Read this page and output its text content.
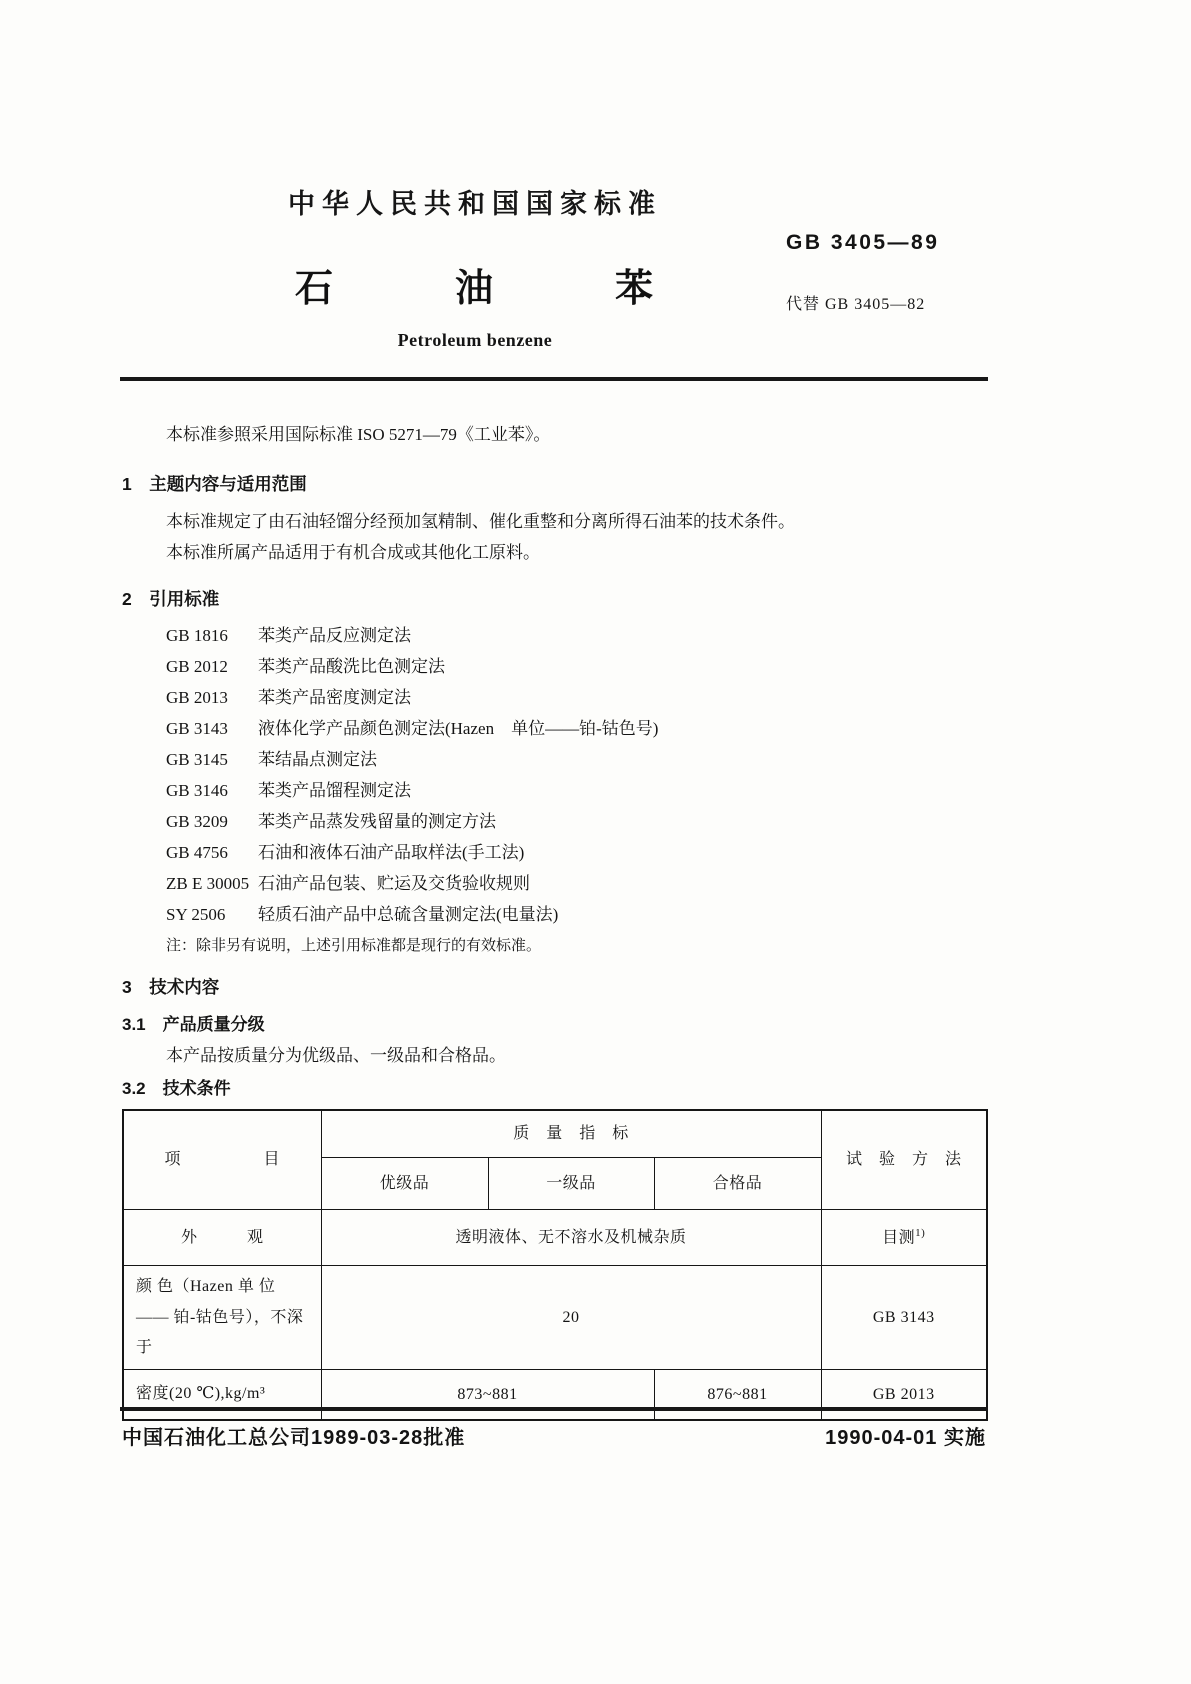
中华人民共和国国家标准
石　　　油　　　苯
Petroleum benzene
GB 3405—89
代替 GB 3405—82

本标准参照采用国际标准 ISO 5271—79《工业苯》。

1　主题内容与适用范围

本标准规定了由石油轻馏分经预加氢精制、催化重整和分离所得石油苯的技术条件。

本标准所属产品适用于有机合成或其他化工原料。

2　引用标准
GB 1816 苯类产品反应测定法
GB 2012 苯类产品酸洗比色测定法
GB 2013 苯类产品密度测定法
GB 3143 液体化学产品颜色测定法(Hazen　单位——铂-钴色号)
GB 3145 苯结晶点测定法
GB 3146 苯类产品馏程测定法
GB 3209 苯类产品蒸发残留量的测定方法
GB 4756 石油和液体石油产品取样法(手工法)
ZB E 30005 石油产品包装、贮运及交货验收规则
SY 2506 轻质石油产品中总硫含量测定法(电量法)

注：除非另有说明，上述引用标准都是现行的有效标准。

3　技术内容
3.1　产品质量分级

本产品按质量分为优级品、一级品和合格品。

3.2　技术条件
项　　　　　目	质　量　指　标			试　验　方　法
	优级品	一级品	合格品	
外　　　观	透明液体、无不溶水及机械杂质			目测$^{1)}$
颜 色（Hazen 单 位 —— 铂-钴色号），不深于	20			GB 3143
密度(20 ℃),kg/m³	873~881		876~881	GB 2013
中国石油化工总公司1989-03-28批准	1990-04-01 实施
